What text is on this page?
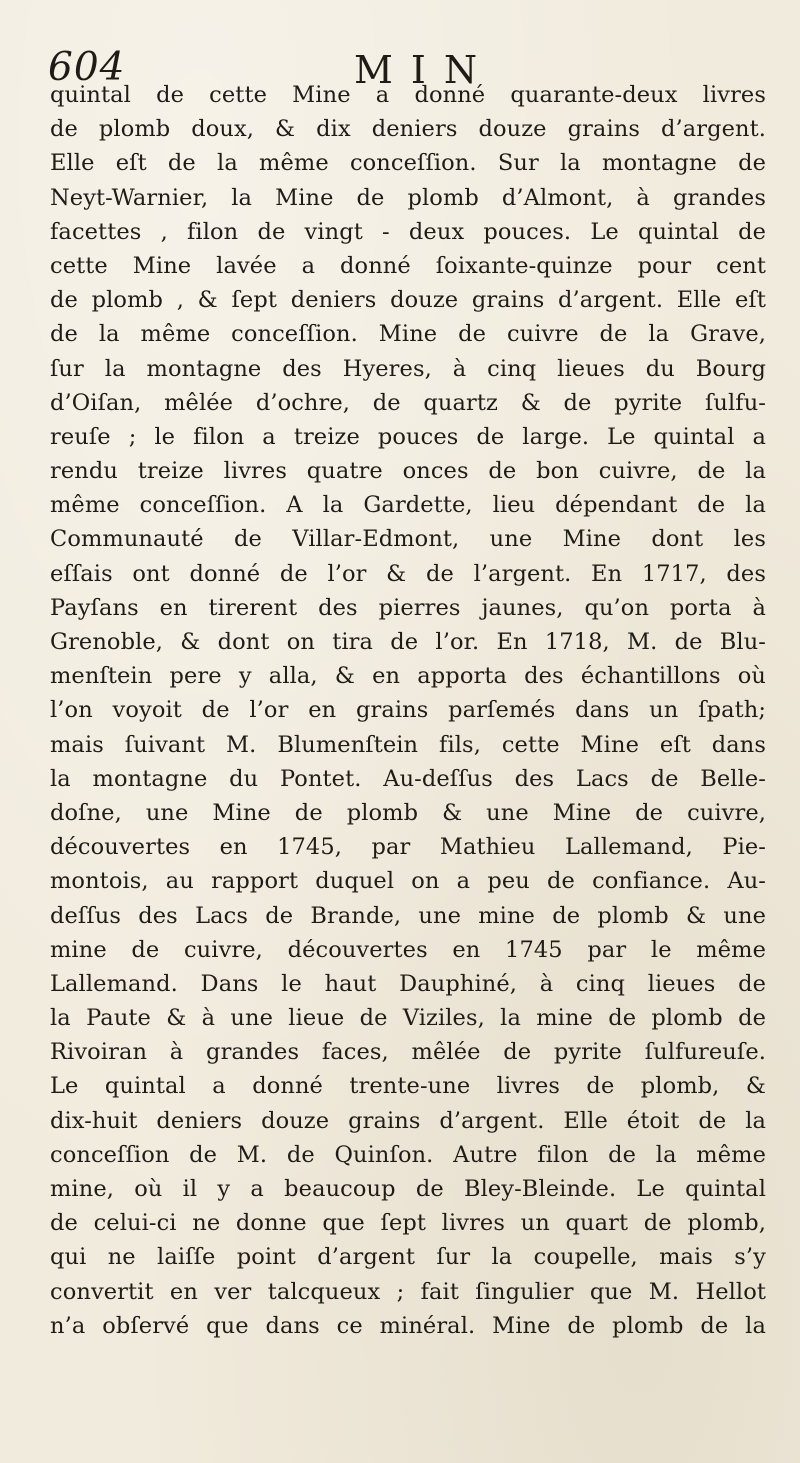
604	MIN
quintal de cette Mine a donné quarante-deux livres
de plomb doux, & dix deniers douze grains d’argent.
Elle eſt de la même conceſſion. Sur la montagne de
Neyt-Warnier, la Mine de plomb d’Almont, à grandes
facettes , filon de vingt - deux pouces. Le quintal de
cette Mine lavée a donné ſoixante-quinze pour cent
de plomb , & ſept deniers douze grains d’argent. Elle eſt
de la même conceſſion. Mine de cuivre de la Grave,
ſur la montagne des Hyeres, à cinq lieues du Bourg
d’Oiſan, mêlée d’ochre, de quartz & de pyrite ſulfu-
reuſe ; le filon a treize pouces de large. Le quintal a
rendu treize livres quatre onces de bon cuivre, de la
même conceſſion. A la Gardette, lieu dépendant de la
Communauté de Villar-Edmont, une Mine dont les
eſſais ont donné de l’or & de l’argent. En 1717, des
Payſans en tirerent des pierres jaunes, qu’on porta à
Grenoble, & dont on tira de l’or. En 1718, M. de Blu-
menſtein pere y alla, & en apporta des échantillons où
l’on voyoit de l’or en grains parſemés dans un ſpath;
mais ſuivant M. Blumenſtein fils, cette Mine eſt dans
la montagne du Pontet. Au-deſſus des Lacs de Belle-
doſne, une Mine de plomb & une Mine de cuivre,
découvertes en 1745, par Mathieu Lallemand, Pie-
montois, au rapport duquel on a peu de confiance. Au-
deſſus des Lacs de Brande, une mine de plomb & une
mine de cuivre, découvertes en 1745 par le même
Lallemand. Dans le haut Dauphiné, à cinq lieues de
la Paute & à une lieue de Viziles, la mine de plomb de
Rivoiran à grandes faces, mêlée de pyrite ſulfureuſe.
Le quintal a donné trente-une livres de plomb, &
dix-huit deniers douze grains d’argent. Elle étoit de la
conceſſion de M. de Quinſon. Autre filon de la même
mine, où il y a beaucoup de Bley-Bleinde. Le quintal
de celui-ci ne donne que ſept livres un quart de plomb,
qui ne laiſſe point d’argent ſur la coupelle, mais s’y
convertit en ver talcqueux ; fait ſingulier que M. Hellot
n’a obſervé que dans ce minéral. Mine de plomb de la
